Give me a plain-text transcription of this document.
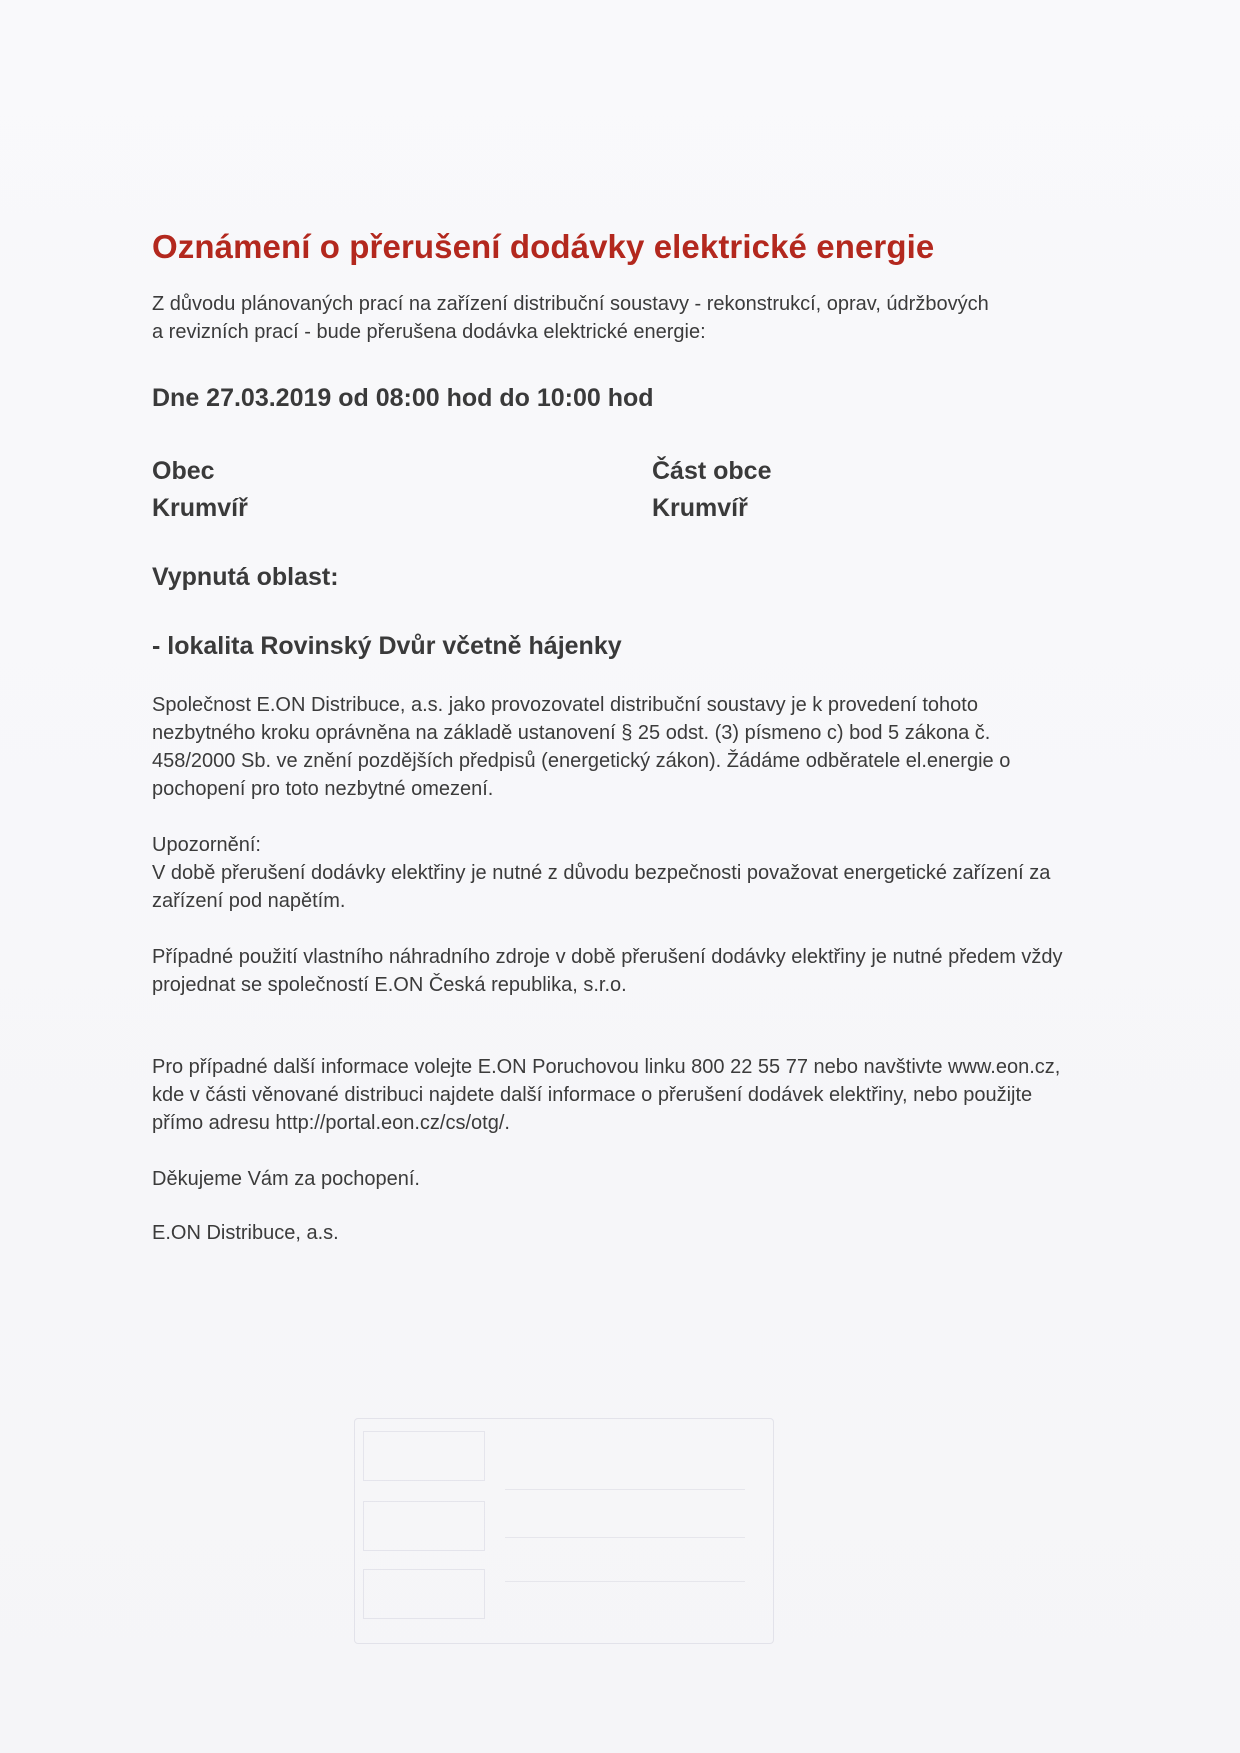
Oznámení o přerušení dodávky elektrické energie

Z důvodu plánovaných prací na zařízení distribuční soustavy - rekonstrukcí, oprav, údržbových
a revizních prací - bude přerušena dodávka elektrické energie:

Dne 27.03.2019 od 08:00 hod do 10:00 hod
Obec
Krumvíř
Část obce
Krumvíř
Vypnutá oblast:
- lokalita Rovinský Dvůr včetně hájenky

Společnost E.ON Distribuce, a.s. jako provozovatel distribuční soustavy je k provedení tohoto
nezbytného kroku oprávněna na základě ustanovení § 25 odst. (3) písmeno c) bod 5 zákona č.
458/2000 Sb. ve znění pozdějších předpisů (energetický zákon). Žádáme odběratele el.energie o
pochopení pro toto nezbytné omezení.

Upozornění:
V době přerušení dodávky elektřiny je nutné z důvodu bezpečnosti považovat energetické zařízení za
zařízení pod napětím.

Případné použití vlastního náhradního zdroje v době přerušení dodávky elektřiny je nutné předem vždy
projednat se společností E.ON Česká republika, s.r.o.

Pro případné další informace volejte E.ON Poruchovou linku 800 22 55 77 nebo navštivte www.eon.cz,
kde v části věnované distribuci najdete další informace o přerušení dodávek elektřiny, nebo použijte
přímo adresu http://portal.eon.cz/cs/otg/.

Děkujeme Vám za pochopení.

E.ON Distribuce, a.s.
